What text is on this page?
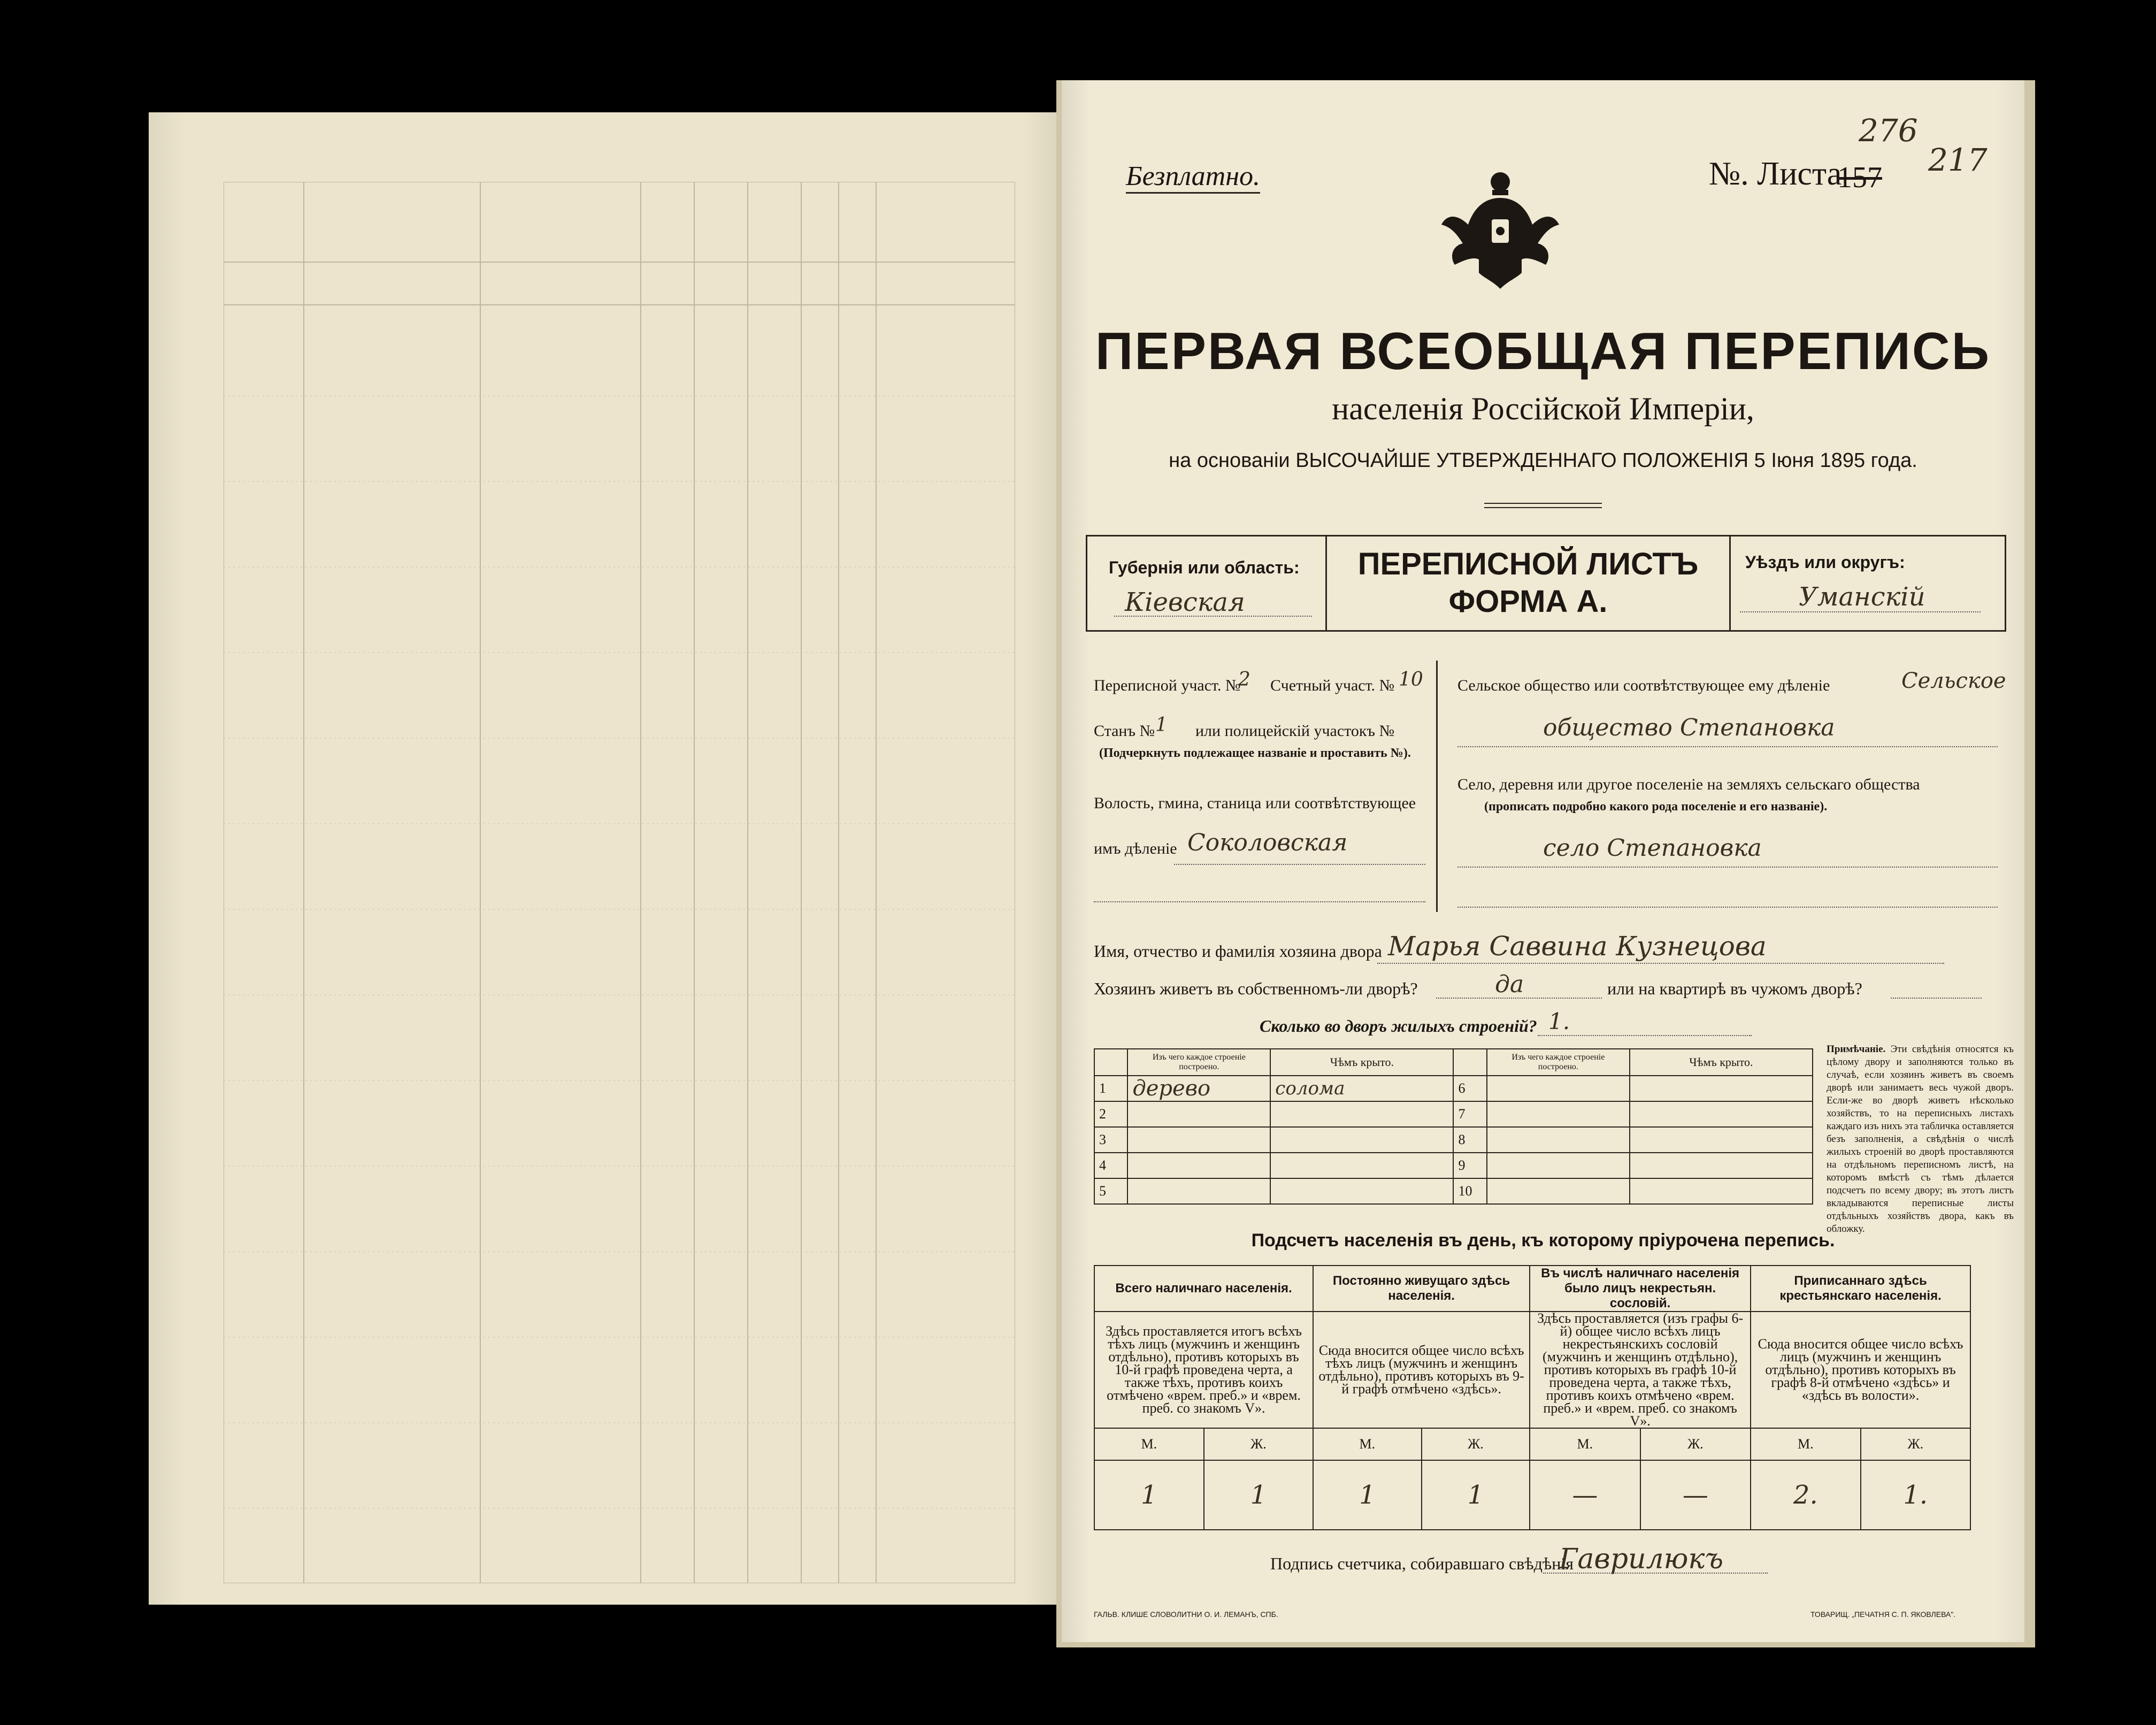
Безплатно.	№. Листа
157
276
217
ПЕРВАЯ ВСЕОБЩАЯ ПЕРЕПИСЬ
населенія Россійской Имперіи,
на основаніи ВЫСОЧАЙШЕ УТВЕРЖДЕННАГО ПОЛОЖЕНІЯ 5 Іюня 1895 года.
Губернія или область:
Кіевская
ПЕРЕПИСНОЙ ЛИСТЪ
ФОРМА А.
Уѣздъ или округъ:
Уманскій
Переписной участ. №
2 Счетный участ. № 10
Станъ № 1 или полицейскій участокъ №
(Подчеркнуть подлежащее названіе и проставить №).
Волость, гмина, станица или соотвѣтствующее
имъ дѣленіе Соколовская
Сельское общество или соотвѣтствующее ему дѣленіе	Сельское
общество Степановка
Село, деревня или другое поселеніе на земляхъ сельскаго общества
(прописать подробно какого рода поселеніе и его названіе).
село Степановка
Имя, отчество и фамилія хозяина двора Марья Саввина Кузнецова
Хозяинъ живетъ въ собственномъ-ли дворѣ?	да	или на квартирѣ въ чужомъ дворѣ?
Сколько во дворъ жилыхъ строеній? 1.
	Изъ чего каждое строеніе построено.	Чѣмъ крыто.		Изъ чего каждое строеніе построено.	Чѣмъ крыто.
1	дерево	солома	6		
2			7		
3			8		
4			9		
5			10		
Примѣчаніе. Эти свѣдѣнія относятся къ цѣлому двору и заполняются только въ случаѣ, если хозяинъ живетъ въ своемъ дворѣ или занимаетъ весь чужой дворъ. Если-же во дворѣ живетъ нѣсколько хозяйствъ, то на переписныхъ листахъ каждаго изъ нихъ эта табличка оставляется безъ заполненія, а свѣдѣнія о числѣ жилыхъ строеній во дворѣ проставляются на отдѣльномъ переписномъ листѣ, на которомъ вмѣстѣ съ тѣмъ дѣлается подсчетъ по всему двору; въ этотъ листъ вкладываются переписные листы отдѣльныхъ хозяйствъ двора, какъ въ обложку.
Подсчетъ населенія въ день, къ которому пріурочена перепись.
Всего наличнаго населенія.		Постоянно живущаго здѣсь населенія.		Въ числѣ наличнаго населенія было лицъ некрестьян. сословій.		Приписаннаго здѣсь крестьянскаго населенія.	
Здѣсь проставляется итогъ всѣхъ тѣхъ лицъ (мужчинъ и женщинъ отдѣльно), противъ которыхъ въ 10-й графѣ проведена черта, а также тѣхъ, противъ коихъ отмѣчено «врем. преб.» и «врем. преб. со знакомъ V».		Сюда вносится общее число всѣхъ тѣхъ лицъ (мужчинъ и женщинъ отдѣльно), противъ которыхъ въ 9-й графѣ отмѣчено «здѣсь».		Здѣсь проставляется (изъ графы 6-й) общее число всѣхъ лицъ некрестьянскихъ сословій (мужчинъ и женщинъ отдѣльно), противъ которыхъ въ графѣ 10-й проведена черта, а также тѣхъ, противъ коихъ отмѣчено «врем. преб.» и «врем. преб. со знакомъ V».		Сюда вносится общее число всѣхъ лицъ (мужчинъ и женщинъ отдѣльно), противъ которыхъ въ графѣ 8-й отмѣчено «здѣсь» и «здѣсь въ волости».	
М.	Ж.	М.	Ж.	М.	Ж.	М.	Ж.
1	1	1	1	—	—	2.	1.
Подпись счетчика, собиравшаго свѣдѣнія
Гаврилюкъ
ГАЛЬВ. КЛИШЕ СЛОВОЛИТНИ О. И. ЛЕМАНЪ, СПБ.	ТОВАРИЩ. „ПЕЧАТНЯ С. П. ЯКОВЛЕВА".
